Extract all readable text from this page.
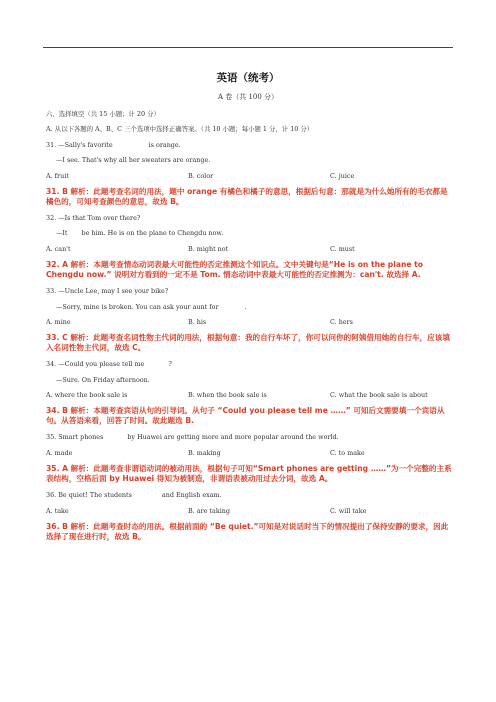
英语（统考）
A 卷（共 100 分）
六、选择填空（共 15 小题；计 20 分）
A. 从以下各题的 A、B、C 三个选项中选择正确答案。（共 10 小题；每小题 1 分，计 10 分）
31. —Sally's favorite	is orange.
—I see. That's why all her sweaters are orange.
A. fruit	B. color	C. juice
31. B 解析：此题考查名词的用法，题中 orange 有橘色和橘子的意思，根据后句意：那就是为什么她所有的毛衣都是橘色的，可知考查颜色的意思，故选 B。
32. —Is that Tom over there?
—It be him. He is on the plane to Chengdu now.
A. can't	B. might not	C. must
32. A 解析：本题考查情态动词表最大可能性的否定推测这个知识点。文中关键句是“He is on the plane to Chengdu now.” 说明对方看到的一定不是 Tom. 情态动词中表最大可能性的否定推测为：can't. 故选择 A.
33. —Uncle Lee, may I see your bike?
—Sorry, mine is broken. You can ask your aunt for	.
A. mine	B. his	C. hers
33. C 解析：此题考查名词性物主代词的用法，根据句意：我的自行车坏了，你可以问你的阿姨借用她的自行车，应该填入名词性物主代词，故选 C。
34. —Could you please tell me	?
—Sure. On Friday afternoon.
A. where the book sale is	B. when the book sale is	C. what the book sale is about
34. B 解析：本题考查宾语从句的引导词。从句子 “Could you please tell me ……” 可知后文需要填一个宾语从句。从答语来看，回答了时间。故此题选 B.
35. Smart phones	by Huawei are getting more and more popular around the world.
A. made	B. making	C. to make
35. A 解析：此题考查非谓语动词的被动用法，根据句子可知“Smart phones are getting ……”为一个完整的主系表结构，空格后面 by Huawei 得知为被制造，非谓语表被动用过去分词，故选 A。
36. Be quiet! The students	and English exam.
A. take	B. are taking	C. will take
36. B 解析：此题考查时态的用法。根据前面的 “Be quiet.”可知是对说话时当下的情况提出了保持安静的要求，因此选择了现在进行时，故选 B。
